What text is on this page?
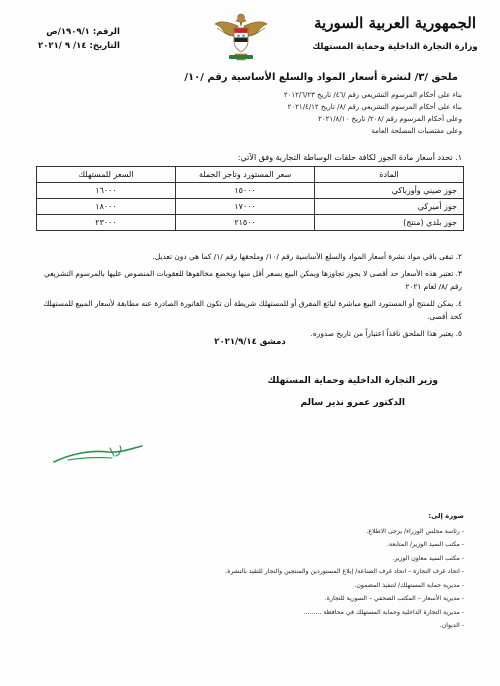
الجمهورية العربية السورية
وزارة التجارة الداخلية وحماية المستهلك
الرقم: ١٩٠٩/١/ص
التاريخ: ١٤/ ٩ /٢٠٢١
ملحق /٣/ لنشرة أسعار المواد والسلع الأساسية رقم /١٠/
بناء على أحكام المرسوم التشريعي رقم /٤٦/ تاريخ ٢٠١٢/٦/٢٣
بناء على أحكام المرسوم التشريعي رقم /٨/ تاريخ ٢٠٢١/٤/١٢
وعلى أحكام المرسوم رقم /٢٠٨/ تاريخ ٢٠٢١/٨/١٠
وعلى مقتضيات المصلحة العامة
١. تحدد أسعار مادة الجوز لكافة حلقات الوساطة التجارية وفق الآتي:
المادة	سعر المستورد وتاجر الجملة	السعر للمستهلك
جوز صيني وأوزباكي	١٥٠٠٠	١٦٠٠٠
جوز أميركي	١٧٠٠٠	١٨٠٠٠
جوز بلدي (منتج)	٢١٥٠٠	٢٣٠٠٠

٢. تبقى باقي مواد نشرة أسعار المواد والسلع الأساسية رقم /١٠/ وملحقها رقم /١/ كما هي دون تعديل.

٣. تعتبر هذه الأسعار حد أقصى لا يجوز تجاوزها ويمكن البيع بسعر أقل منها ويخضع مخالفوها للعقوبات المنصوص عليها بالمرسوم التشريعي رقم /٨/ لعام ٢٠٢١

٤. يمكن للمنتج أو المستورد البيع مباشرة لبائع المفرق أو للمستهلك شريطة أن تكون الفاتورة الصادرة عنه مطابقة لأسعار المبيع للمستهلك كحد أقصى.

٥. يعتبر هذا الملحق نافذاً اعتباراً من تاريخ صدوره.

دمشق ٢٠٢١/٩/١٤
وزير التجارة الداخلية وحماية المستهلك
الدكتور عمرو نذير سالم
صورة إلى:
- رئاسة مجلس الوزراء/ يرجى الاطلاع.
- مكتب السيد الوزير/ المتابعة.
- مكتب السيد معاون الوزير.
- اتحاد غرف التجارة – اتحاد غرف الصناعة/ إبلاغ المستوردين والمنتجين والتجار للتقيد بالنشرة.
- مديرية حماية المستهلك/ لتنفيذ المضمون.
- مديرية الأسعار – المكتب الصحفي – السورية للتجارة.
- مديرية التجارة الداخلية وحماية المستهلك في محافظة .........
- الديوان.
